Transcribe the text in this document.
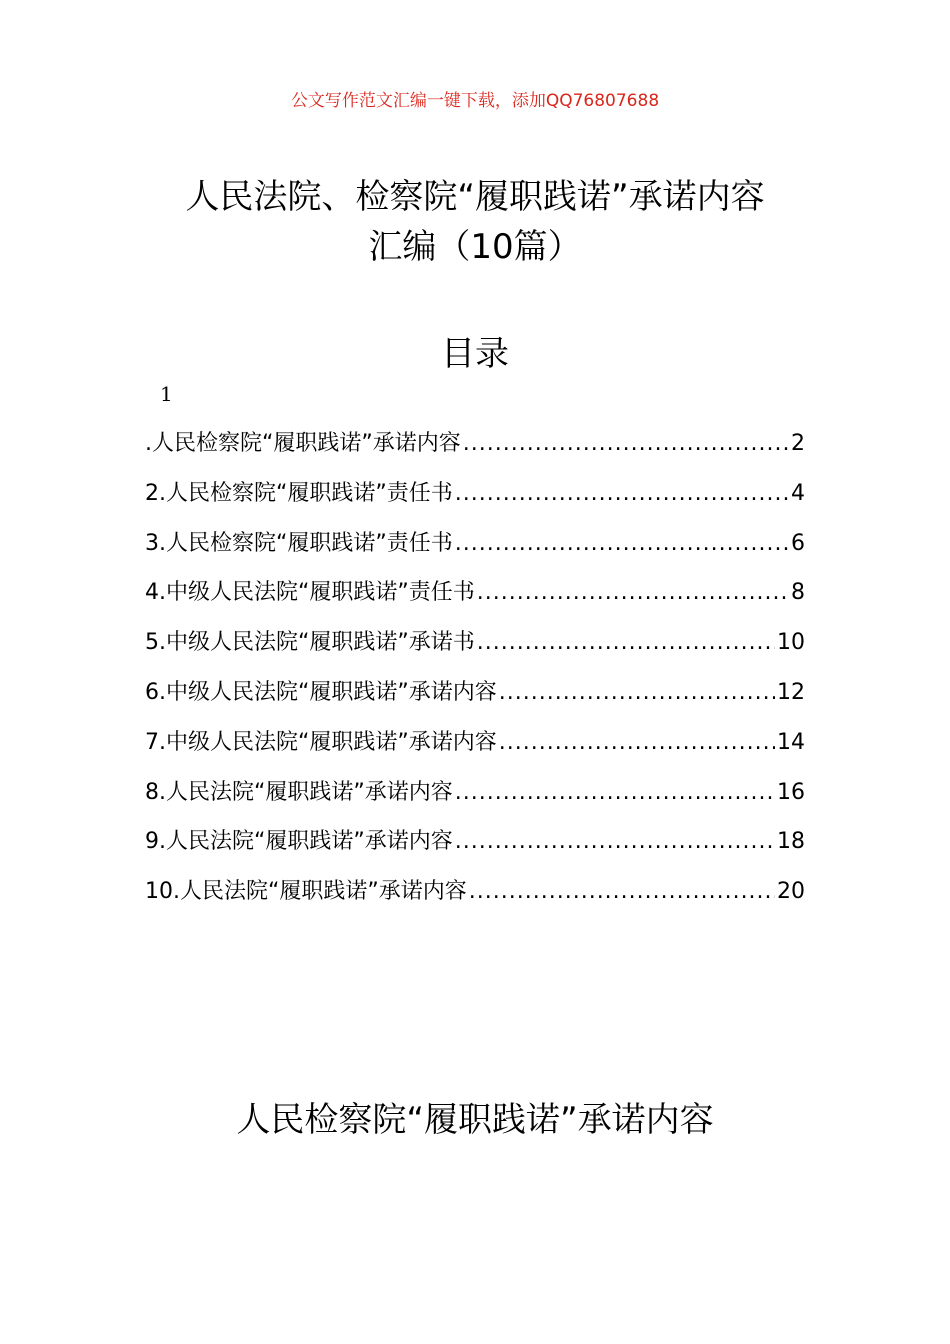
公文写作范文汇编一键下载，添加QQ76807688
人民法院、检察院“履职践诺”承诺内容
汇编（10篇）
目录
1
.人民检察院“履职践诺”承诺内容 .....	2
2.人民检察院“履职践诺”责任书 .....	4
3.人民检察院“履职践诺”责任书 .....	6
4.中级人民法院“履职践诺”责任书 .....	8
5.中级人民法院“履职践诺”承诺书 .....	10
6.中级人民法院“履职践诺”承诺内容 .....	12
7.中级人民法院“履职践诺”承诺内容 .....	14
8.人民法院“履职践诺”承诺内容 .....	16
9.人民法院“履职践诺”承诺内容 .....	18
10.人民法院“履职践诺”承诺内容 .....	20
人民检察院“履职践诺”承诺内容
